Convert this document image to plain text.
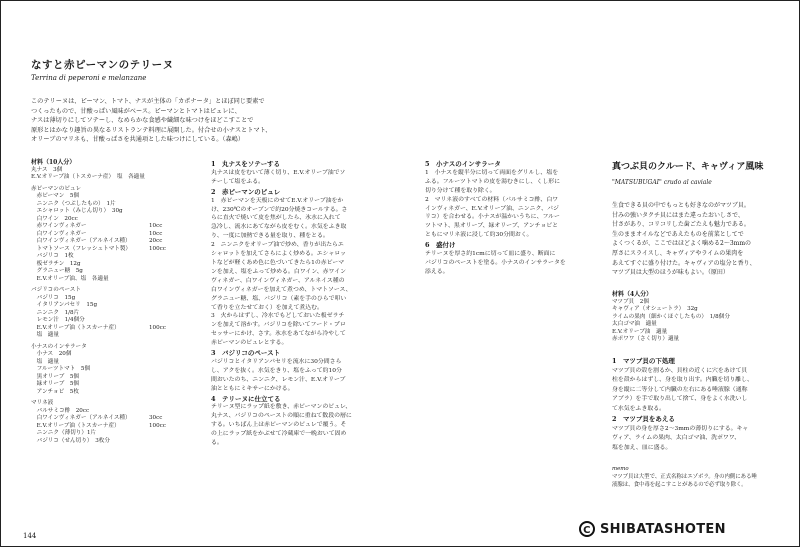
なすと赤ピーマンのテリーヌ
Terrina di peperoni e melanzane
このテリーヌは、ピーマン、トマト、ナスが主体の「カポナータ」とほぼ同じ要素で
つくったもので、甘酸っぱい風味がベース。ピーマンとトマトはピュレに、
ナスは薄切りにしてソテーし、なめらかな食感や繊細な味つけをほどこすことで
原形とはかなり趣旨の異なるリストランテ料理に展開した。付合せの小ナスとトマト、
オリーブのマリネも、甘酸っぱさを共通項とした味つけにしている。（森嶋）
材料（10人分）
丸ナス　3個
E.V.オリーブ油（トスカーナ産）　塩　各適量
赤ピーマンのピュレ
　赤ピーマン　5個
　ニンニク（つぶしたもの）　1片
　エシャロット（みじん切り）　30g
　白ワイン　20cc
　赤ワインヴィネガー	10cc
　白ワインヴィネガー	10cc
　白ワインヴィネガー（アルネイス種）	20cc
　トマトソース（フレッシュトマト製）	100cc
　バジリコ　1枚
　板ゼラチン　12g
　グラニュー糖　5g
　E.V.オリーブ油、塩　各適量
バジリコのペースト
　バジリコ　15g
　イタリアンパセリ　15g
　ニンニク　1/8片
　レモン汁　1/4個分
　E.V.オリーブ油（トスカーナ産）	100cc
　塩　適量
小ナスのインサラータ
　小ナス　20個
　塩　適量
　フルーツトマト　5個
　黒オリーブ　5個
　緑オリーブ　5個
　アンチョビ　5枚
マリネ液
　バルサミコ酢　20cc
　白ワインヴィネガー（アルネイス種）	30cc
　E.V.オリーブ油（トスカーナ産）	100cc
　ニンニク（薄切り）1片
　バジリコ（せん切り）　3枚分
1　丸ナスをソテーする
丸ナスは皮をむいて薄く切り、E.V.オリーブ油でソ
テーして塩をふる。
2　赤ピーマンのピュレ
1　赤ピーマンを天板にのせてE.V.オリーブ油をか
け、230℃のオーブンで約20分焼きコールする。さ
らに直火で焼いて皮を焦がしたら、氷水に入れて
急冷し、流水にあてながら皮をむく。水気をふき取
り、一度に加熱できる量を取り、種をとる。
2　ニンニクをオリーブ油で炒め、香りが出たらエ
シャロットを加えてさらによく炒める。エシャロッ
トなどが軽くあめ色に色づいてきたら1の赤ピーマ
ンを加え、塩をふって炒める。白ワイン、赤ワイン
ヴィネガー、白ワインヴィネガー、アルネイス種の
白ワインヴィネガーを加えて煮つめ、トマトソース、
グラニュー糖、塩、バジリコ（素を手のひらで叩い
て香りを立たせておく）を加えて煮込む。
3　火からはずし、冷水でもどしておいた板ゼラチ
ンを加えて溶かす。バジリコを除いてフード・プロ
セッサーにかけ、さす。氷水をあてながら冷やして
赤ピーマンのピュレとする。
3　バジリコのペースト
バジリコとイタリアンパセリを流水に30分間さら
し、アクを抜く。水気をきり、塩をふって約10分
間おいたのち、ニンニク、レモン汁、E.V.オリーブ
油とともにミキサーにかける。
4　テリーヌに仕立てる
テリーヌ型にラップ紙を敷き、赤ピーマンのピュレ、
丸ナス、バジリコのペーストの順に重ねて数段の層に
する。いちばん上は赤ピーマンのピュレで覆う。そ
の上にラップ紙をかぶせて冷蔵庫で一晩おいて固め
る。
5　小ナスのインサラータ
1　小ナスを縦半分に切って両面をグリルし、塩を
ふる。フルーツトマトの皮を湯むきにし、くし形に
切り分けて種を取り除く。
2　マリネ液のすべての材料（バルサミコ酢、白ワ
インヴィネガー、E.V.オリーブ油、ニンニク、バジ
リコ）を合わせる。小ナスが温かいうちに、フルー
ツトマト、黒オリーブ、緑オリーブ、アンチョビと
ともにマリネ液に浸して約30分間おく。
6　盛付け
テリーヌを厚さ約1cmに切って皿に盛り、断面に
バジリコのペーストを塗る。小ナスのインサラータを
添える。
144
真つぶ貝のクルード、キャヴィア風味
"MATSUBUGAI" crudo al caviale
生食できる貝の中でもっとも好きなのがマツブ貝。
甘みの強いタクチ貝にはまた違ったおいしさで、
甘さがあり、コリコリした歯ごたえも魅力である。
生のままオイルなどであえたものを前菜としてで
よくつくるが、ここではほどよく噛める2～3mmの
厚さにスライスし、キャヴィアやライムの果肉を
あえてすぐに盛り付けた。キャヴィアの塩分と香り、
マツブ貝は大型のほうが味もよい。（原田）
材料（4人分）
マツブ貝　2個
キャヴィア（オシェートラ）　32g
ライムの果肉（細かくほぐしたもの）　1/8個分
太白ゴマ油　適量
E.V.オリーブ油　適量
赤ポワワ（さく切り）適量
1　マツブ貝の下処理
マツブ貝の殻を割るか、貝柱の近くに穴をあけて貝
柱を殻からはずし、身を取り出す。内臓を切り離し、
身を縦に二等分して内臓の左右にある唾液腺（通称
アブラ）を手で取り出して捨て、身をよく水洗いし
て水気をふき取る。
2　マツブ貝をあえる
マツブ貝の身を厚さ2～3mmの薄切りにする。キャ
ヴィア、ライムの果肉、太白ゴマ油、洗ポワワ、
塩を加え、皿に盛る。
memo
マツブ貝は大型で、正式名称はエゾボラ。身の内側にある唾
液腺は、食中毒を起こすことがあるので必ず取り除く。
C SHIBATASHOTEN
